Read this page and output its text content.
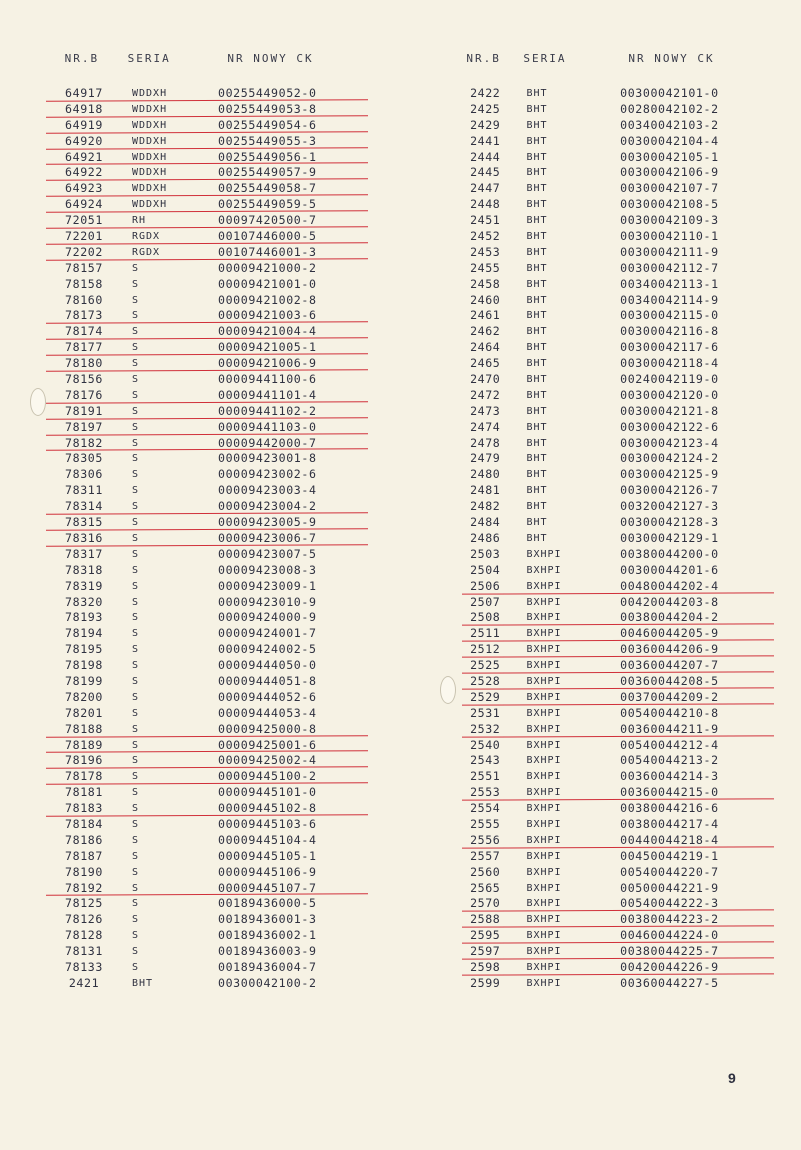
NR.B	SERIA	NR NOWY CK
64917	WDDXH	00255449052-0
64918	WDDXH	00255449053-8
64919	WDDXH	00255449054-6
64920	WDDXH	00255449055-3
64921	WDDXH	00255449056-1
64922	WDDXH	00255449057-9
64923	WDDXH	00255449058-7
64924	WDDXH	00255449059-5
72051	RH	00097420500-7
72201	RGDX	00107446000-5
72202	RGDX	00107446001-3
78157	S	00009421000-2
78158	S	00009421001-0
78160	S	00009421002-8
78173	S	00009421003-6
78174	S	00009421004-4
78177	S	00009421005-1
78180	S	00009421006-9
78156	S	00009441100-6
78176	S	00009441101-4
78191	S	00009441102-2
78197	S	00009441103-0
78182	S	00009442000-7
78305	S	00009423001-8
78306	S	00009423002-6
78311	S	00009423003-4
78314	S	00009423004-2
78315	S	00009423005-9
78316	S	00009423006-7
78317	S	00009423007-5
78318	S	00009423008-3
78319	S	00009423009-1
78320	S	00009423010-9
78193	S	00009424000-9
78194	S	00009424001-7
78195	S	00009424002-5
78198	S	00009444050-0
78199	S	00009444051-8
78200	S	00009444052-6
78201	S	00009444053-4
78188	S	00009425000-8
78189	S	00009425001-6
78196	S	00009425002-4
78178	S	00009445100-2
78181	S	00009445101-0
78183	S	00009445102-8
78184	S	00009445103-6
78186	S	00009445104-4
78187	S	00009445105-1
78190	S	00009445106-9
78192	S	00009445107-7
78125	S	00189436000-5
78126	S	00189436001-3
78128	S	00189436002-1
78131	S	00189436003-9
78133	S	00189436004-7
2421	BHT	00300042100-2
NR.B	SERIA	NR NOWY CK
2422	BHT	00300042101-0
2425	BHT	00280042102-2
2429	BHT	00340042103-2
2441	BHT	00300042104-4
2444	BHT	00300042105-1
2445	BHT	00300042106-9
2447	BHT	00300042107-7
2448	BHT	00300042108-5
2451	BHT	00300042109-3
2452	BHT	00300042110-1
2453	BHT	00300042111-9
2455	BHT	00300042112-7
2458	BHT	00340042113-1
2460	BHT	00340042114-9
2461	BHT	00300042115-0
2462	BHT	00300042116-8
2464	BHT	00300042117-6
2465	BHT	00300042118-4
2470	BHT	00240042119-0
2472	BHT	00300042120-0
2473	BHT	00300042121-8
2474	BHT	00300042122-6
2478	BHT	00300042123-4
2479	BHT	00300042124-2
2480	BHT	00300042125-9
2481	BHT	00300042126-7
2482	BHT	00320042127-3
2484	BHT	00300042128-3
2486	BHT	00300042129-1
2503	BXHPI	00380044200-0
2504	BXHPI	00300044201-6
2506	BXHPI	00480044202-4
2507	BXHPI	00420044203-8
2508	BXHPI	00380044204-2
2511	BXHPI	00460044205-9
2512	BXHPI	00360044206-9
2525	BXHPI	00360044207-7
2528	BXHPI	00360044208-5
2529	BXHPI	00370044209-2
2531	BXHPI	00540044210-8
2532	BXHPI	00360044211-9
2540	BXHPI	00540044212-4
2543	BXHPI	00540044213-2
2551	BXHPI	00360044214-3
2553	BXHPI	00360044215-0
2554	BXHPI	00380044216-6
2555	BXHPI	00380044217-4
2556	BXHPI	00440044218-4
2557	BXHPI	00450044219-1
2560	BXHPI	00540044220-7
2565	BXHPI	00500044221-9
2570	BXHPI	00540044222-3
2588	BXHPI	00380044223-2
2595	BXHPI	00460044224-0
2597	BXHPI	00380044225-7
2598	BXHPI	00420044226-9
2599	BXHPI	00360044227-5
9
